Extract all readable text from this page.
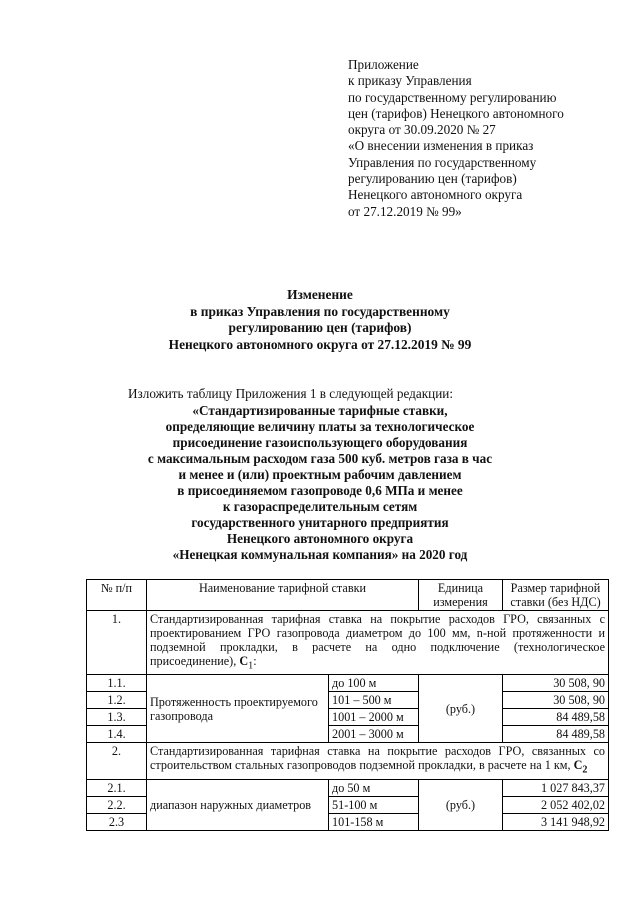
Приложение
к приказу Управления
по государственному регулированию
цен (тарифов) Ненецкого автономного
округа от 30.09.2020 № 27
«О внесении изменения в приказ
Управления по государственному
регулированию цен (тарифов)
Ненецкого автономного округа
от 27.12.2019 № 99»
Изменение
в приказ Управления по государственному
регулированию цен (тарифов)
Ненецкого автономного округа от 27.12.2019 № 99
Изложить таблицу Приложения 1 в следующей редакции:
«Стандартизированные тарифные ставки,
определяющие величину платы за технологическое
присоединение газоиспользующего оборудования
с максимальным расходом газа 500 куб. метров газа в час
и менее и (или) проектным рабочим давлением
в присоединяемом газопроводе 0,6 МПа и менее
к газораспределительным сетям
государственного унитарного предприятия
Ненецкого автономного округа
«Ненецкая коммунальная компания» на 2020 год
№ п/п	Наименование тарифной ставки		Единица измерения	Размер тарифной ставки (без НДС)
1.	Стандартизированная тарифная ставка на покрытие расходов ГРО, связанных с проектированием ГРО газопровода диаметром до 100 мм, n-ной протяженности и подземной прокладки, в расчете на одно подключение (технологическое присоединение), $С_1$:			
1.1.	Протяженность проектируемого газопровода	до 100 м	(руб.)	30 508, 90
1.2.		101 – 500 м		30 508, 90
1.3.		1001 – 2000 м		84 489,58
1.4.		2001 – 3000 м		84 489,58
2.	Стандартизированная тарифная ставка на покрытие расходов ГРО, связанных со строительством стальных газопроводов подземной прокладки, в расчете на 1 км, $С_2$
2.1.	диапазон наружных диаметров	до 50 м	(руб.)	1 027 843,37
2.2.		51-100 м		2 052 402,02
2.3		101-158 м		3 141 948,92
